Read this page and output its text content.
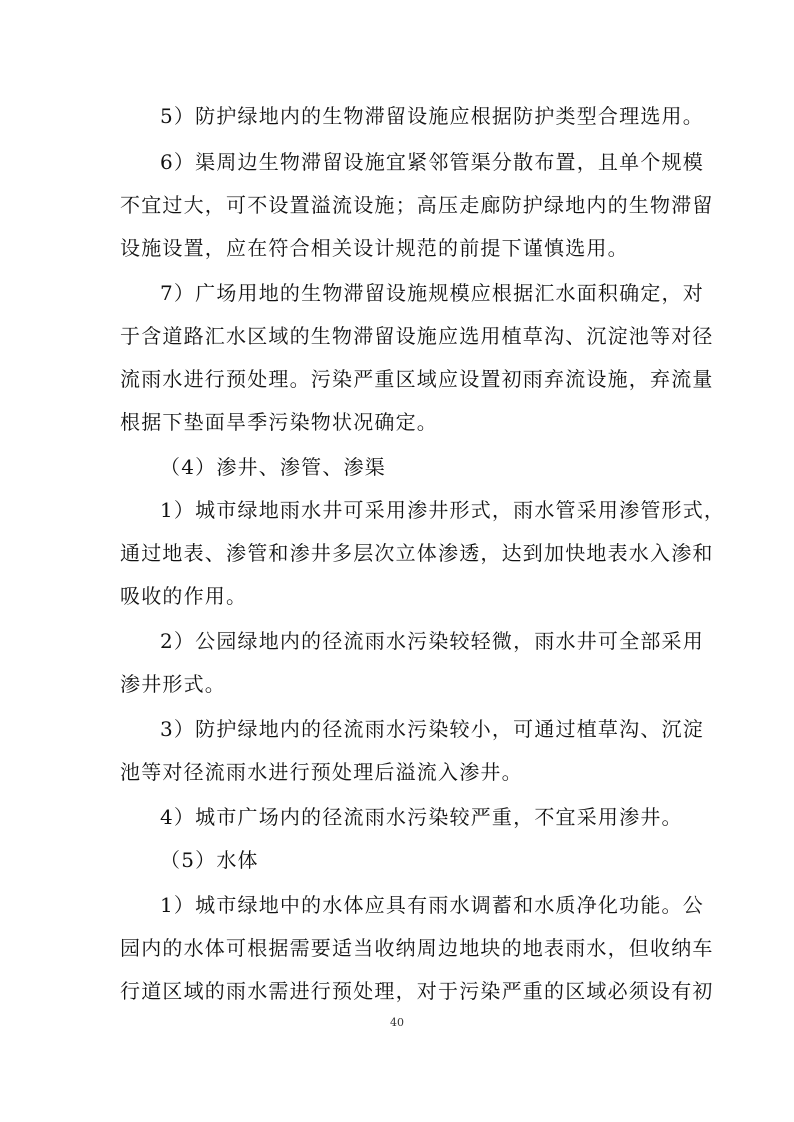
5）防护绿地内的生物滞留设施应根据防护类型合理选用。
6）渠周边生物滞留设施宜紧邻管渠分散布置，且单个规模
不宜过大，可不设置溢流设施；高压走廊防护绿地内的生物滞留
设施设置，应在符合相关设计规范的前提下谨慎选用。
7）广场用地的生物滞留设施规模应根据汇水面积确定，对
于含道路汇水区域的生物滞留设施应选用植草沟、沉淀池等对径
流雨水进行预处理。污染严重区域应设置初雨弃流设施，弃流量
根据下垫面旱季污染物状况确定。
（4）渗井、渗管、渗渠
1）城市绿地雨水井可采用渗井形式，雨水管采用渗管形式，
通过地表、渗管和渗井多层次立体渗透，达到加快地表水入渗和
吸收的作用。
2）公园绿地内的径流雨水污染较轻微，雨水井可全部采用
渗井形式。
3）防护绿地内的径流雨水污染较小，可通过植草沟、沉淀
池等对径流雨水进行预处理后溢流入渗井。
4）城市广场内的径流雨水污染较严重，不宜采用渗井。
（5）水体
1）城市绿地中的水体应具有雨水调蓄和水质净化功能。公
园内的水体可根据需要适当收纳周边地块的地表雨水，但收纳车
行道区域的雨水需进行预处理，对于污染严重的区域必须设有初
40
